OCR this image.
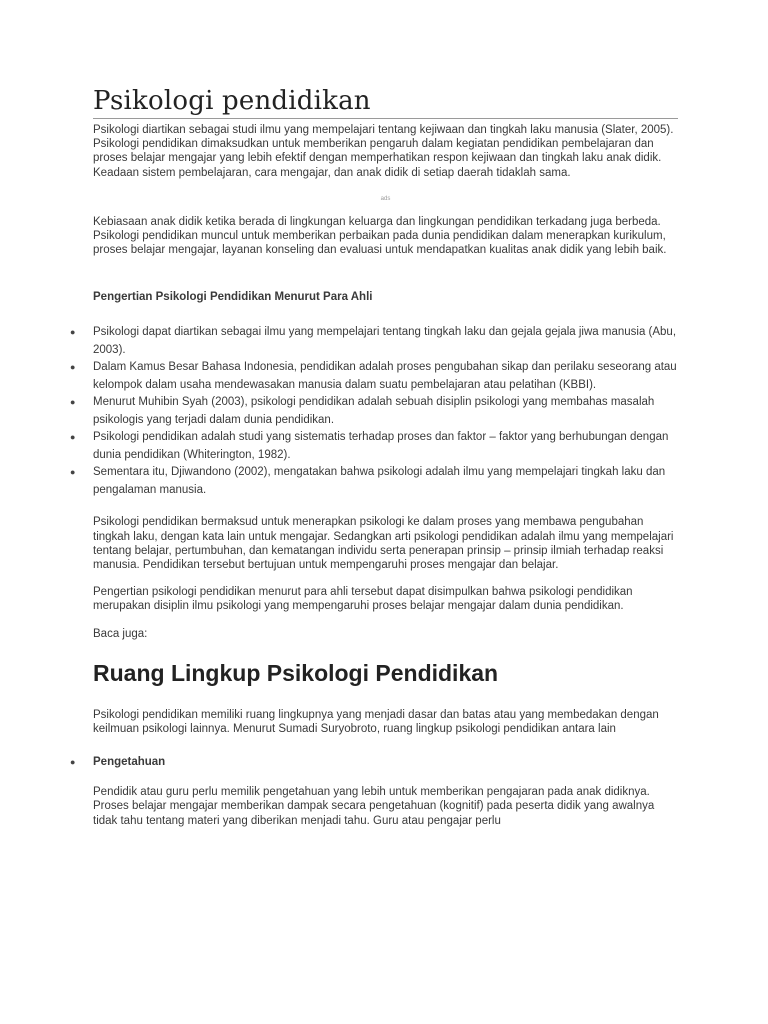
Psikologi pendidikan

Psikologi diartikan sebagai studi ilmu yang mempelajari tentang kejiwaan dan tingkah laku manusia (Slater, 2005). Psikologi pendidikan dimaksudkan untuk memberikan pengaruh dalam kegiatan pendidikan pembelajaran dan proses belajar mengajar yang lebih efektif dengan memperhatikan respon kejiwaan dan tingkah laku anak didik. Keadaan sistem pembelajaran, cara mengajar, dan anak didik di setiap daerah tidaklah sama.

ads

Kebiasaan anak didik ketika berada di lingkungan keluarga dan lingkungan pendidikan terkadang juga berbeda. Psikologi pendidikan muncul untuk memberikan perbaikan pada dunia pendidikan dalam menerapkan kurikulum, proses belajar mengajar, layanan konseling dan evaluasi untuk mendapatkan kualitas anak didik yang lebih baik.

Pengertian Psikologi Pendidikan Menurut Para Ahli
● Psikologi dapat diartikan sebagai ilmu yang mempelajari tentang tingkah laku dan gejala gejala jiwa manusia (Abu, 2003).
● Dalam Kamus Besar Bahasa Indonesia, pendidikan adalah proses pengubahan sikap dan perilaku seseorang atau kelompok dalam usaha mendewasakan manusia dalam suatu pembelajaran atau pelatihan (KBBI).
● Menurut Muhibin Syah (2003), psikologi pendidikan adalah sebuah disiplin psikologi yang membahas masalah psikologis yang terjadi dalam dunia pendidikan.
● Psikologi pendidikan adalah studi yang sistematis terhadap proses dan faktor – faktor yang berhubungan dengan dunia pendidikan (Whiterington, 1982).
● Sementara itu, Djiwandono (2002), mengatakan bahwa psikologi adalah ilmu yang mempelajari tingkah laku dan pengalaman manusia.

Psikologi pendidikan bermaksud untuk menerapkan psikologi ke dalam proses yang membawa pengubahan tingkah laku, dengan kata lain untuk mengajar. Sedangkan arti psikologi pendidikan adalah ilmu yang mempelajari tentang belajar, pertumbuhan, dan kematangan individu serta penerapan prinsip – prinsip ilmiah terhadap reaksi manusia. Pendidikan tersebut bertujuan untuk mempengaruhi proses mengajar dan belajar.

Pengertian psikologi pendidikan menurut para ahli tersebut dapat disimpulkan bahwa psikologi pendidikan merupakan disiplin ilmu psikologi yang mempengaruhi proses belajar mengajar dalam dunia pendidikan.

Baca juga:

Ruang Lingkup Psikologi Pendidikan

Psikologi pendidikan memiliki ruang lingkupnya yang menjadi dasar dan batas atau yang membedakan dengan keilmuan psikologi lainnya. Menurut Sumadi Suryobroto, ruang lingkup psikologi pendidikan antara lain

● Pengetahuan

Pendidik atau guru perlu memilik pengetahuan yang lebih untuk memberikan pengajaran pada anak didiknya. Proses belajar mengajar memberikan dampak secara pengetahuan (kognitif) pada peserta didik yang awalnya tidak tahu tentang materi yang diberikan menjadi tahu. Guru atau pengajar perlu
